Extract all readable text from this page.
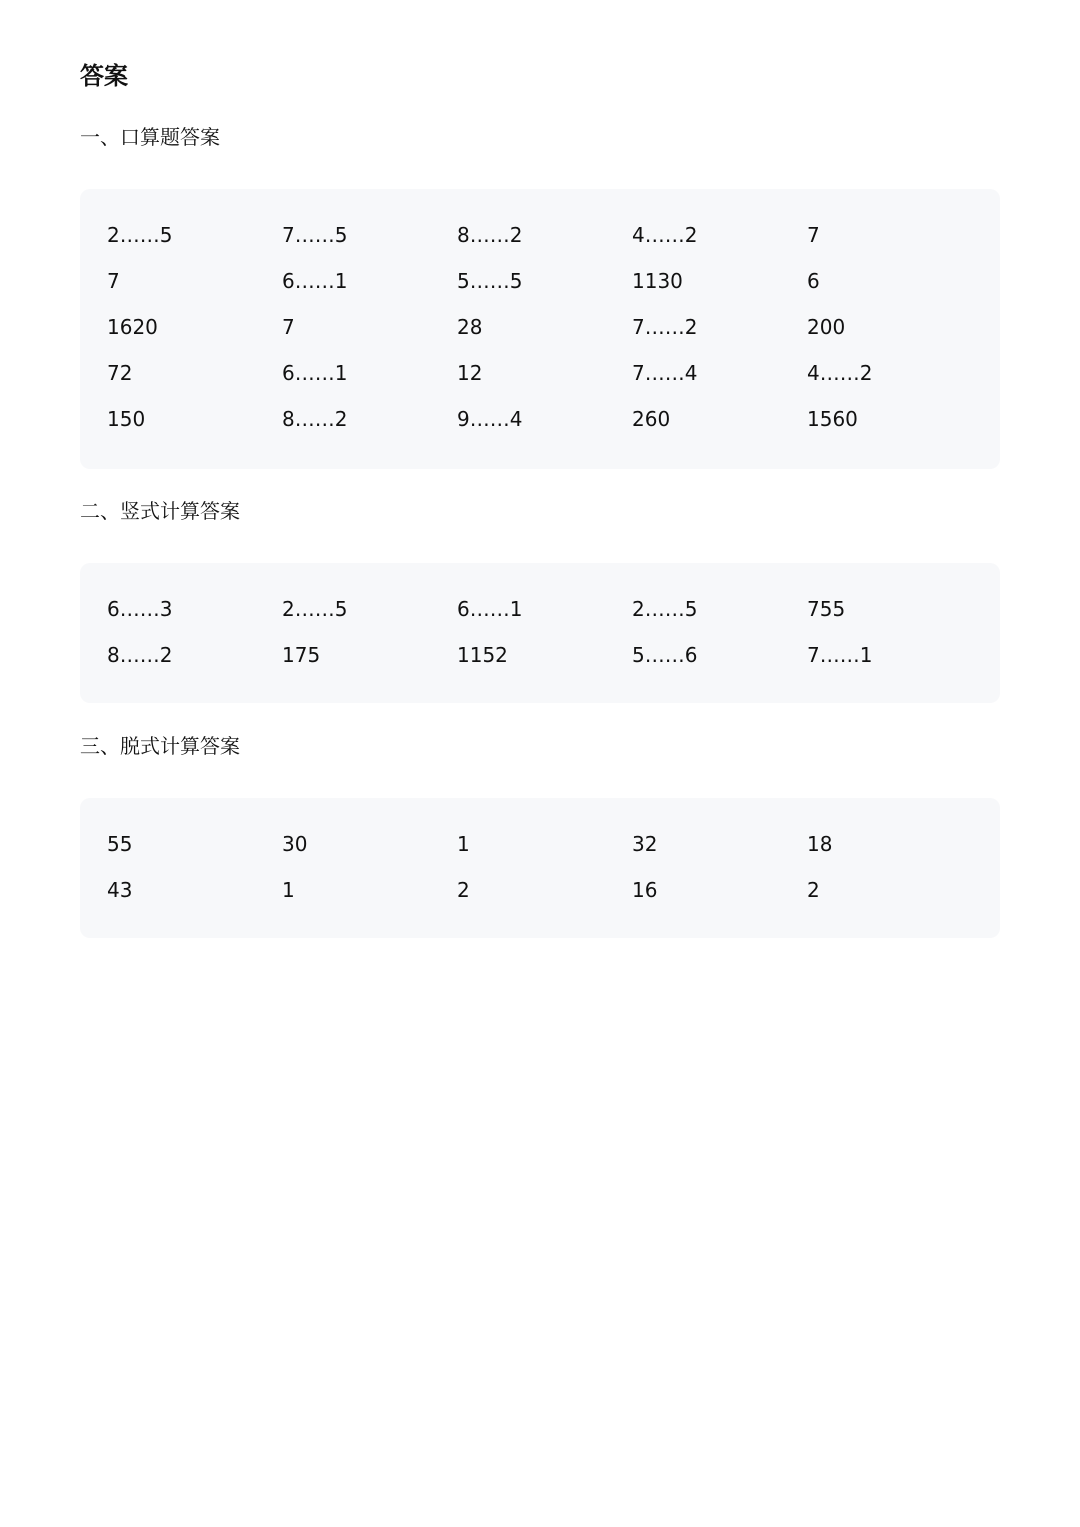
答案
一、口算题答案
2……5	7……5	8……2	4……2	7
7	6……1	5……5	1130	6
1620	7	28	7……2	200
72	6……1	12	7……4	4……2
150	8……2	9……4	260	1560
二、竖式计算答案
6……3	2……5	6……1	2……5	755
8……2	175	1152	5……6	7……1
三、脱式计算答案
55	30	1	32	18
43	1	2	16	2
